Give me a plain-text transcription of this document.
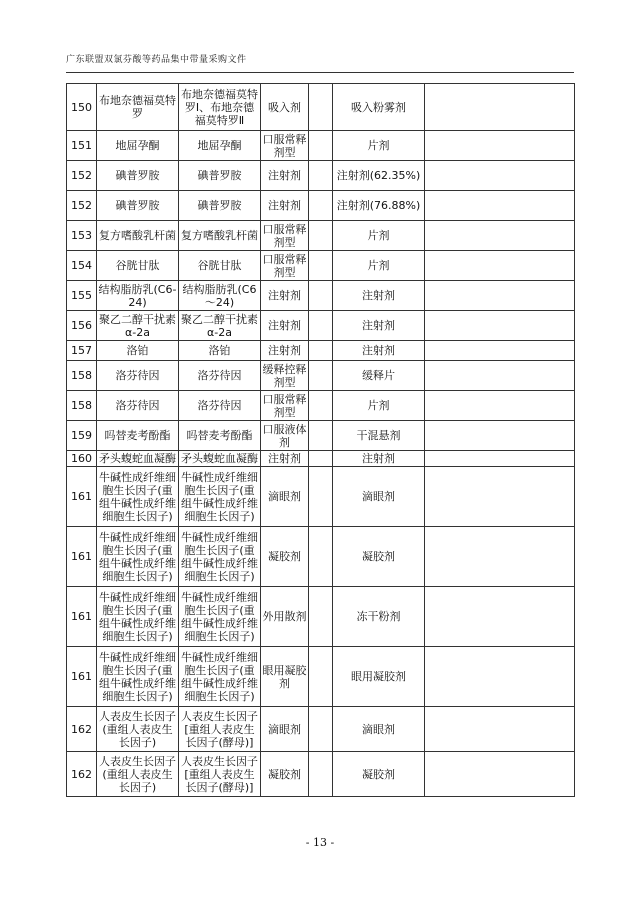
广东联盟双氯芬酸等药品集中带量采购文件
150	布地奈德福莫特罗	布地奈德福莫特罗Ⅰ、布地奈德福莫特罗Ⅱ	吸入剂		吸入粉雾剂	
151	地屈孕酮	地屈孕酮	口服常释剂型		片剂	
152	碘普罗胺	碘普罗胺	注射剂		注射剂(62.35%)	
152	碘普罗胺	碘普罗胺	注射剂		注射剂(76.88%)	
153	复方嗜酸乳杆菌	复方嗜酸乳杆菌	口服常释剂型		片剂	
154	谷胱甘肽	谷胱甘肽	口服常释剂型		片剂	
155	结构脂肪乳(C6-24)	结构脂肪乳(C6～24)	注射剂		注射剂	
156	聚乙二醇干扰素α-2a	聚乙二醇干扰素α-2a	注射剂		注射剂	
157	洛铂	洛铂	注射剂		注射剂	
158	洛芬待因	洛芬待因	缓释控释剂型		缓释片	
158	洛芬待因	洛芬待因	口服常释剂型		片剂	
159	吗替麦考酚酯	吗替麦考酚酯	口服液体剂		干混悬剂	
160	矛头蝮蛇血凝酶	矛头蝮蛇血凝酶	注射剂		注射剂	
161	牛碱性成纤维细胞生长因子(重组牛碱性成纤维细胞生长因子)	牛碱性成纤维细胞生长因子(重组牛碱性成纤维细胞生长因子)	滴眼剂		滴眼剂	
161	牛碱性成纤维细胞生长因子(重组牛碱性成纤维细胞生长因子)	牛碱性成纤维细胞生长因子(重组牛碱性成纤维细胞生长因子)	凝胶剂		凝胶剂	
161	牛碱性成纤维细胞生长因子(重组牛碱性成纤维细胞生长因子)	牛碱性成纤维细胞生长因子(重组牛碱性成纤维细胞生长因子)	外用散剂		冻干粉剂	
161	牛碱性成纤维细胞生长因子(重组牛碱性成纤维细胞生长因子)	牛碱性成纤维细胞生长因子(重组牛碱性成纤维细胞生长因子)	眼用凝胶剂		眼用凝胶剂	
162	人表皮生长因子(重组人表皮生长因子)	人表皮生长因子[重组人表皮生长因子(酵母)]	滴眼剂		滴眼剂	
162	人表皮生长因子(重组人表皮生长因子)	人表皮生长因子[重组人表皮生长因子(酵母)]	凝胶剂		凝胶剂	
- 13 -
